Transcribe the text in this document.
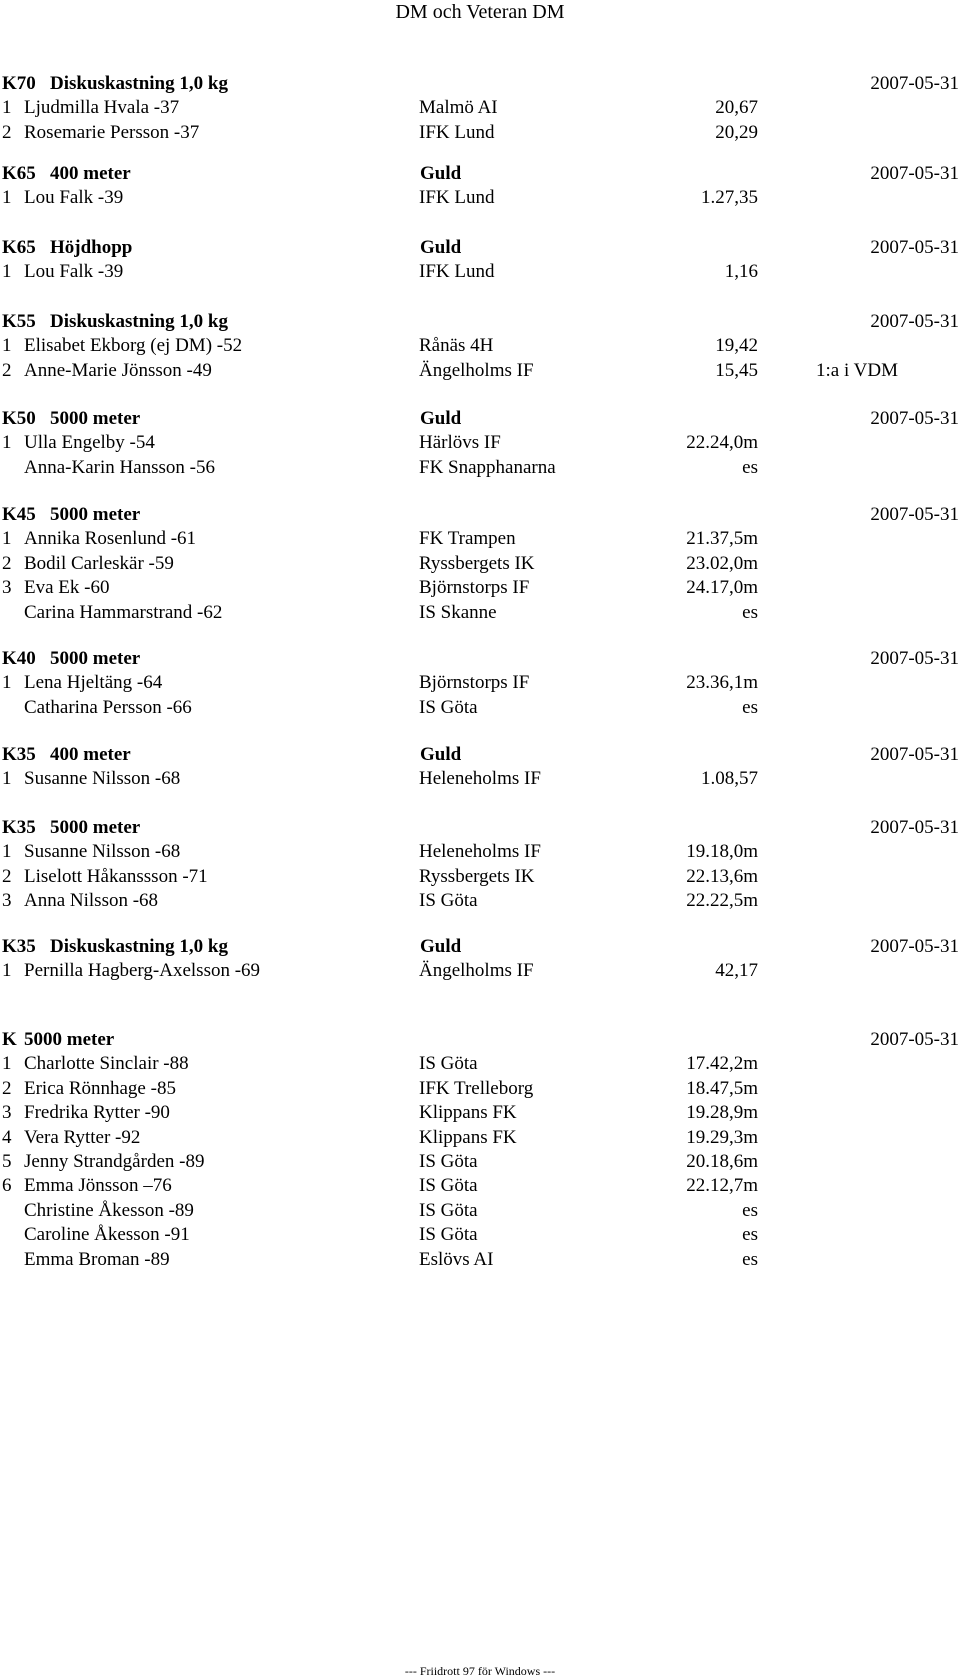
DM och Veteran DM
K70 Diskuskastning 1,0 kg	2007-05-31
1 Ljudmilla Hvala -37	Malmö AI	20,67
2 Rosemarie Persson -37	IFK Lund	20,29
K65 400 meter	Guld	2007-05-31
1 Lou Falk -39	IFK Lund	1.27,35
K65 Höjdhopp	Guld	2007-05-31
1 Lou Falk -39	IFK Lund	1,16
K55 Diskuskastning 1,0 kg	2007-05-31
1 Elisabet Ekborg (ej DM) -52	Rånäs 4H	19,42
2 Anne-Marie Jönsson -49	Ängelholms IF	15,45	1:a i VDM
K50 5000 meter	Guld	2007-05-31
1 Ulla Engelby -54	Härlövs IF	22.24,0m
Anna-Karin Hansson -56	FK Snapphanarna	es
K45 5000 meter	2007-05-31
1 Annika Rosenlund -61	FK Trampen	21.37,5m
2 Bodil Carleskär -59	Ryssbergets IK	23.02,0m
3 Eva Ek -60	Björnstorps IF	24.17,0m
Carina Hammarstrand -62	IS Skanne	es
K40 5000 meter	2007-05-31
1 Lena Hjeltäng -64	Björnstorps IF	23.36,1m
Catharina Persson -66	IS Göta	es
K35 400 meter	Guld	2007-05-31
1 Susanne Nilsson -68	Heleneholms IF	1.08,57
K35 5000 meter	2007-05-31
1 Susanne Nilsson -68	Heleneholms IF	19.18,0m
2 Liselott Håkanssson -71	Ryssbergets IK	22.13,6m
3 Anna Nilsson -68	IS Göta	22.22,5m
K35 Diskuskastning 1,0 kg	Guld	2007-05-31
1 Pernilla Hagberg-Axelsson -69	Ängelholms IF	42,17
K 5000 meter	2007-05-31
1 Charlotte Sinclair -88	IS Göta	17.42,2m
2 Erica Rönnhage -85	IFK Trelleborg	18.47,5m
3 Fredrika Rytter -90	Klippans FK	19.28,9m
4 Vera Rytter -92	Klippans FK	19.29,3m
5 Jenny Strandgården -89	IS Göta	20.18,6m
6 Emma Jönsson –76	IS Göta	22.12,7m
Christine Åkesson -89	IS Göta	es
Caroline Åkesson -91	IS Göta	es
Emma Broman -89	Eslövs AI	es
--- Friidrott 97 för Windows ---
